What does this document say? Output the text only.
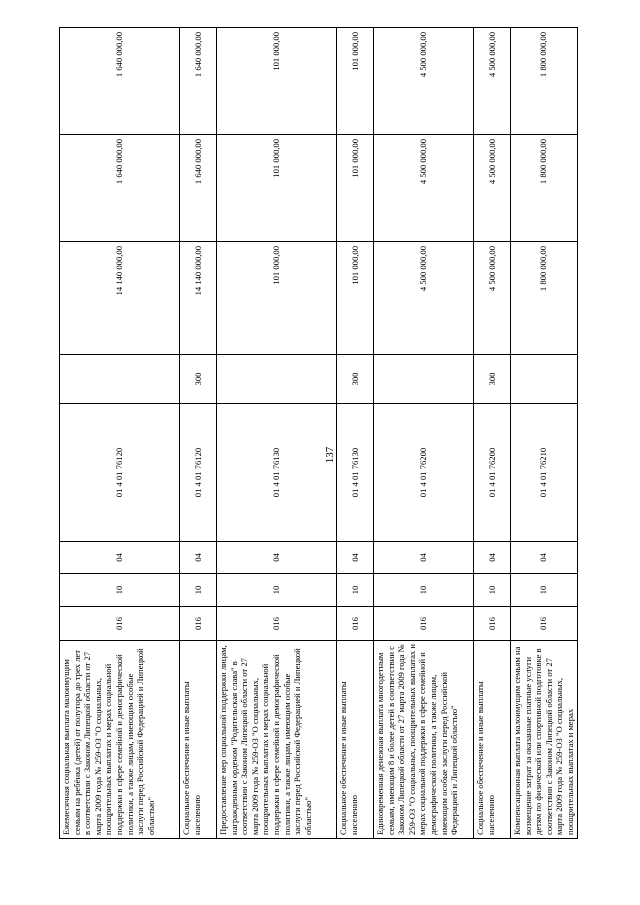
137
Ежемесячная социальная выплата малоимущим семьям на ребёнка (детей) от полутора до трех лет в соответствии с Законом Липецкой области от 27 марта 2009 года № 259-ОЗ "О социальных, поощрительных выплатах и мерах социальной поддержки в сфере семейной и демографической политики, а также лицам, имеющим особые заслуги перед Российской Федерацией и Липецкой областью"	016	10	04	01 4 01 76120		14 140 000,00	1 640 000,00	1 640 000,00
Социальное обеспечение и иные выплаты населению	016	10	04	01 4 01 76120	300	14 140 000,00	1 640 000,00	1 640 000,00
Предоставление мер социальной поддержки лицам, награжденным орденом "Родительская слава" в соответствии с Законом Липецкой области от 27 марта 2009 года № 259-ОЗ "О социальных, поощрительных выплатах и мерах социальной поддержки в сфере семейной и демографической политики, а также лицам, имеющим особые заслуги перед Российской Федерацией и Липецкой областью"	016	10	04	01 4 01 76130		101 000,00	101 000,00	101 000,00
Социальное обеспечение и иные выплаты населению	016	10	04	01 4 01 76130	300	101 000,00	101 000,00	101 000,00
Единовременная денежная выплата многодетным семьям, имеющим 8 и более детей в соответствии с Законом Липецкой области от 27 марта 2009 года № 259-ОЗ "О социальных, поощрительных выплатах и мерах социальной поддержки в сфере семейной и демографической политики, а также лицам, имеющим особые заслуги перед Российской Федерацией и Липецкой областью"	016	10	04	01 4 01 76200		4 500 000,00	4 500 000,00	4 500 000,00
Социальное обеспечение и иные выплаты населению	016	10	04	01 4 01 76200	300	4 500 000,00	4 500 000,00	4 500 000,00
Компенсационная выплата малоимущим семьям на возмещение затрат за оказанные платные услуги детям по физической или спортивной подготовке в соответствии с Законом Липецкой области от 27 марта 2009 года № 259-ОЗ "О социальных, поощрительных выплатах и мерах	016	10	04	01 4 01 76210		1 800 000,00	1 800 000,00	1 800 000,00
